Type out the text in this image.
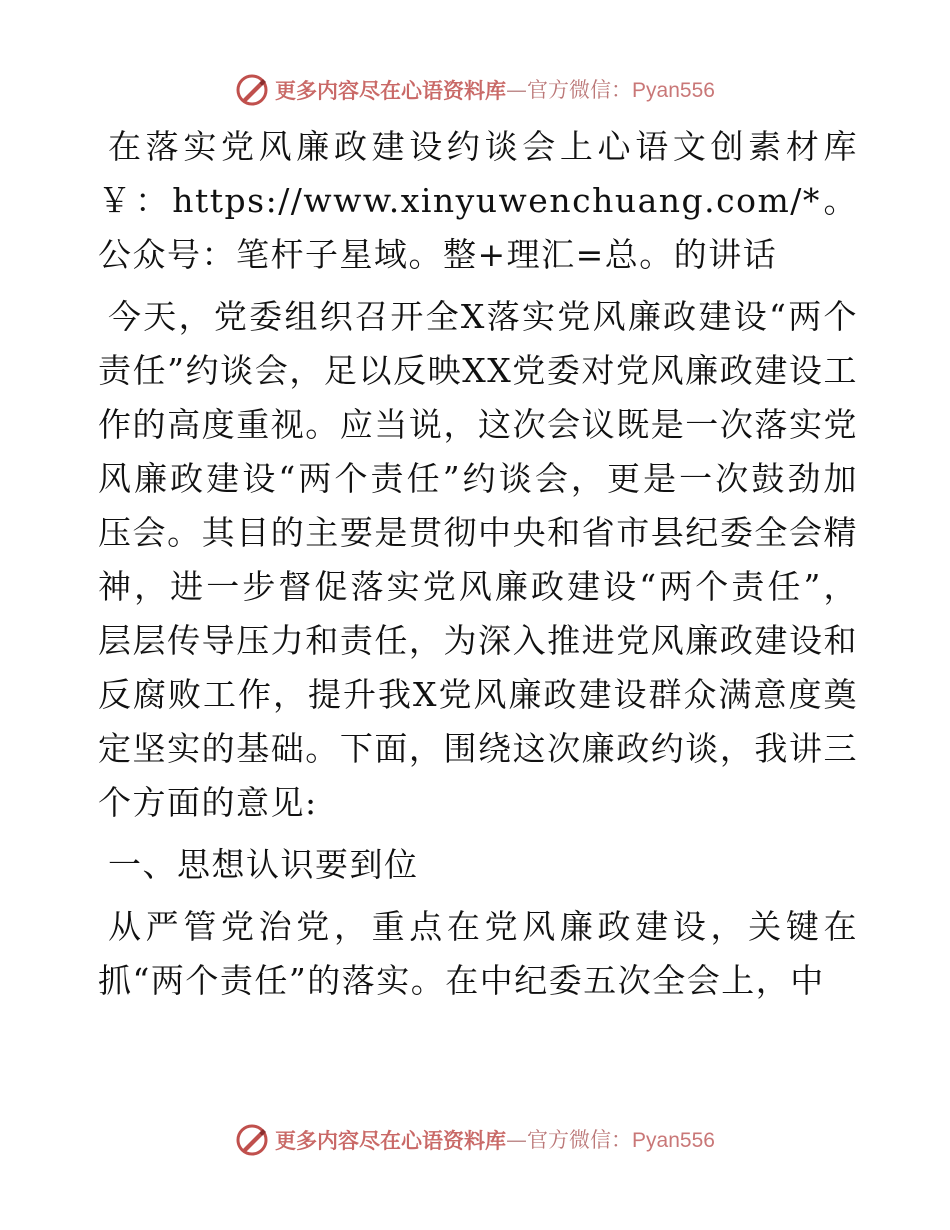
更多内容尽在心语资料库 — 官方微信： Pyan556

在落实党风廉政建设约谈会上心语文创素材库￥：https://www.xinyuwenchuang.com/*。公众号：笔杆子星域。整+理汇=总。的讲话

今天，党委组织召开全X落实党风廉政建设“两个责任”约谈会，足以反映XX党委对党风廉政建设工作的高度重视。应当说，这次会议既是一次落实党风廉政建设“两个责任”约谈会，更是一次鼓劲加压会。其目的主要是贯彻中央和省市县纪委全会精神，进一步督促落实党风廉政建设“两个责任”，层层传导压力和责任，为深入推进党风廉政建设和反腐败工作，提升我X党风廉政建设群众满意度奠定坚实的基础。下面，围绕这次廉政约谈，我讲三个方面的意见:

一、思想认识要到位

从严管党治党，重点在党风廉政建设，关键在抓“两个责任”的落实。在中纪委五次全会上，中

更多内容尽在心语资料库 — 官方微信： Pyan556
